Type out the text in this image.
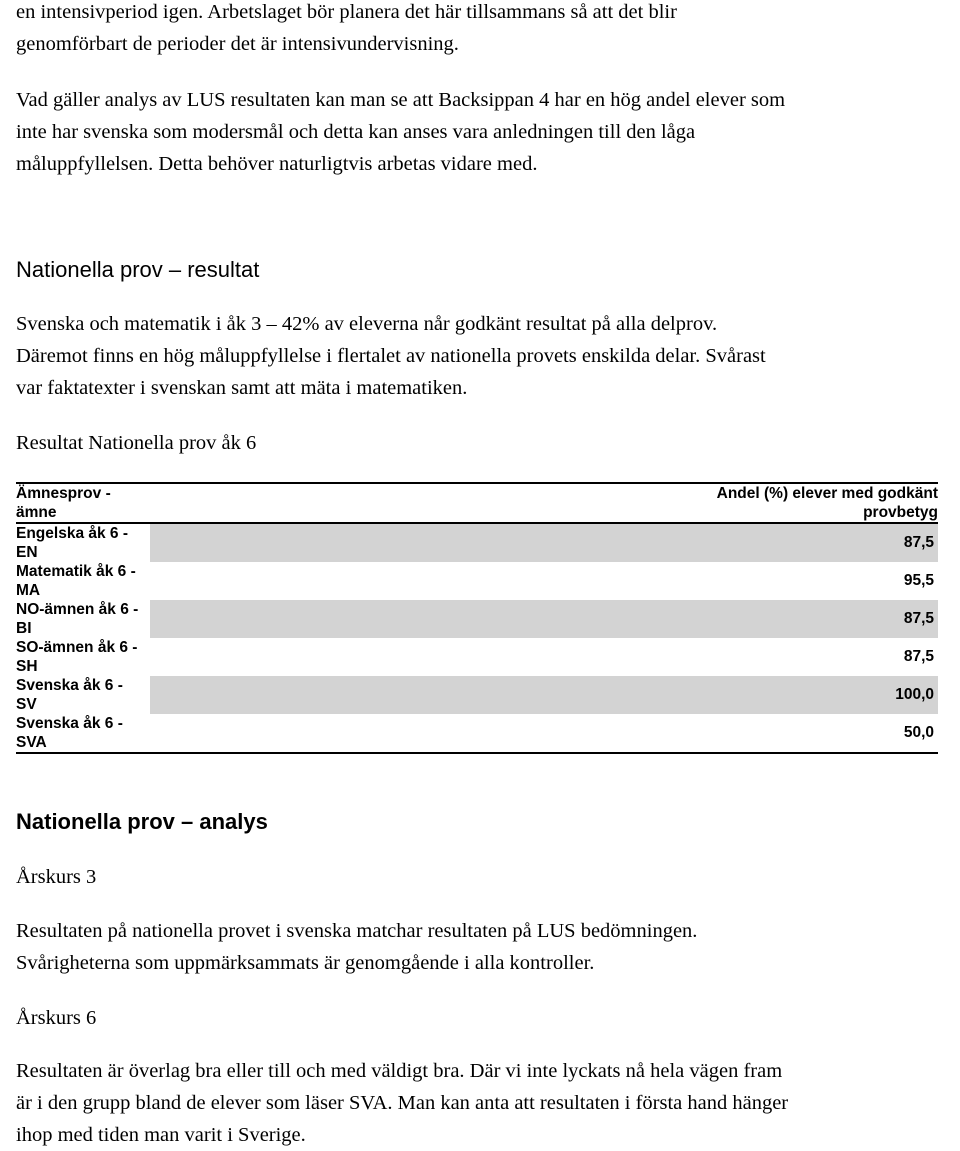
en intensivperiod igen. Arbetslaget bör planera det här tillsammans så att det blir
genomförbart de perioder det är intensivundervisning.

Vad gäller analys av LUS resultaten kan man se att Backsippan 4 har en hög andel elever som
inte har svenska som modersmål och detta kan anses vara anledningen till den låga
måluppfyllelsen. Detta behöver naturligtvis arbetas vidare med.

Nationella prov – resultat

Svenska och matematik i åk 3 – 42% av eleverna når godkänt resultat på alla delprov.
Däremot finns en hög måluppfyllelse i flertalet av nationella provets enskilda delar. Svårast
var faktatexter i svenskan samt att mäta i matematiken.

Resultat Nationella prov åk 6

Ämnesprov - ämne		Andel (%) elever med godkänt provbetyg
Engelska åk 6 - EN		87,5

Matematik åk 6 - MA		95,5

NO-ämnen åk 6 - BI		87,5

SO-ämnen åk 6 - SH		87,5

Svenska åk 6 - SV		100,0

Svenska åk 6 - SVA		50,0
Nationella prov – analys

Årskurs 3

Resultaten på nationella provet i svenska matchar resultaten på LUS bedömningen.
Svårigheterna som uppmärksammats är genomgående i alla kontroller.

Årskurs 6

Resultaten är överlag bra eller till och med väldigt bra. Där vi inte lyckats nå hela vägen fram
är i den grupp bland de elever som läser SVA. Man kan anta att resultaten i första hand hänger
ihop med tiden man varit i Sverige.
